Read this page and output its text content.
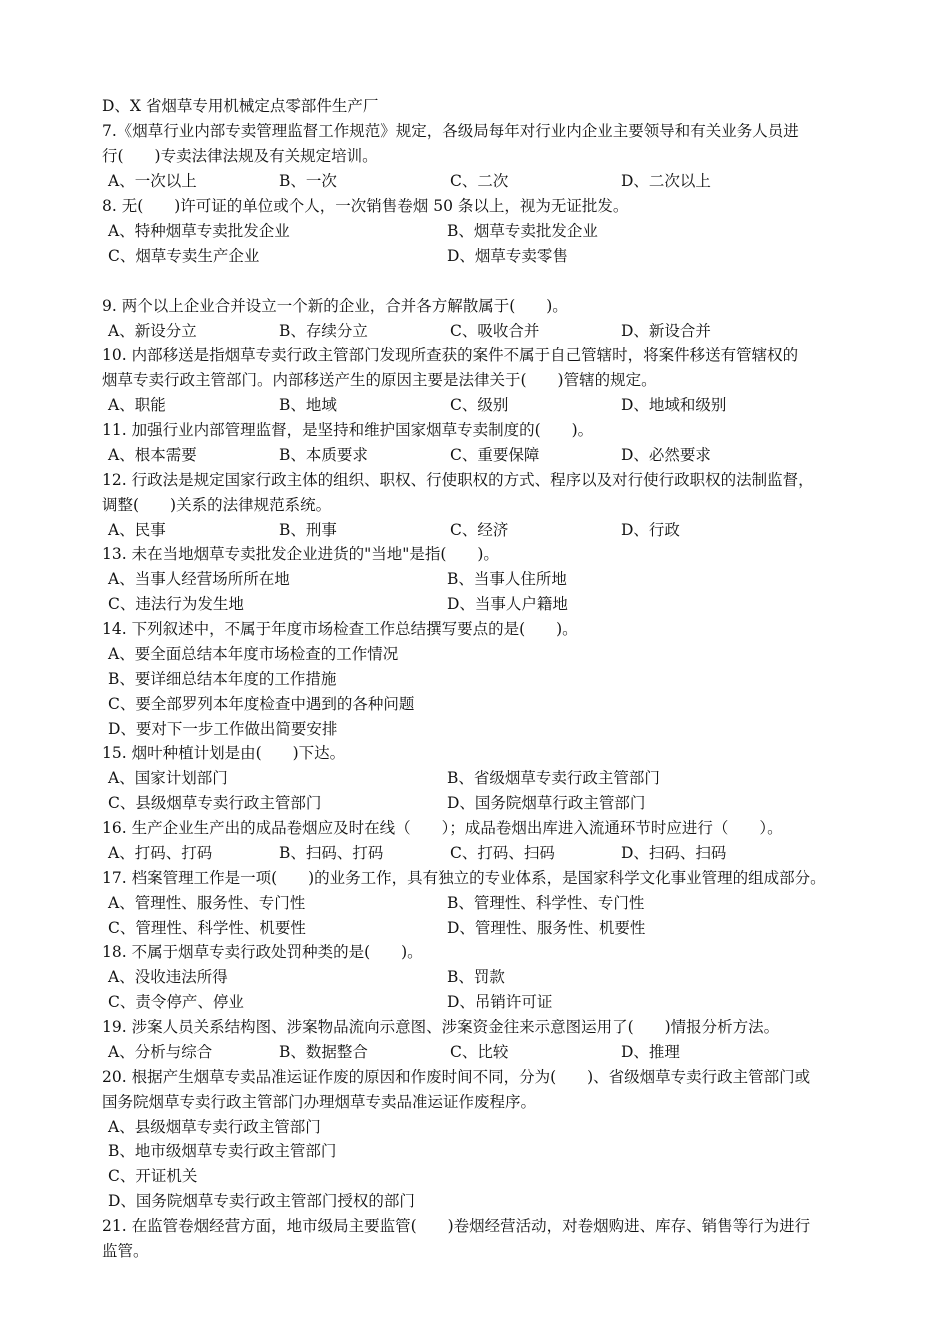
D、X 省烟草专用机械定点零部件生产厂
7.《烟草行业内部专卖管理监督工作规范》规定，各级局每年对行业内企业主要领导和有关业务人员进
行(　　)专卖法律法规及有关规定培训。
A、一次以上	B、一次	C、二次	D、二次以上
8. 无(　　)许可证的单位或个人，一次销售卷烟 50 条以上，视为无证批发。
A、特种烟草专卖批发企业	B、烟草专卖批发企业
C、烟草专卖生产企业	D、烟草专卖零售
9. 两个以上企业合并设立一个新的企业，合并各方解散属于(　　)。
A、新设分立	B、存续分立	C、吸收合并	D、新设合并
10. 内部移送是指烟草专卖行政主管部门发现所查获的案件不属于自己管辖时，将案件移送有管辖权的
烟草专卖行政主管部门。内部移送产生的原因主要是法律关于(　　)管辖的规定。
A、职能	B、地域	C、级别	D、地域和级别
11. 加强行业内部管理监督，是坚持和维护国家烟草专卖制度的(　　)。
A、根本需要	B、本质要求	C、重要保障	D、必然要求
12. 行政法是规定国家行政主体的组织、职权、行使职权的方式、程序以及对行使行政职权的法制监督，
调整(　　)关系的法律规范系统。
A、民事	B、刑事	C、经济	D、行政
13. 未在当地烟草专卖批发企业进货的"当地"是指(　　)。
A、当事人经营场所所在地	B、当事人住所地
C、违法行为发生地	D、当事人户籍地
14. 下列叙述中，不属于年度市场检查工作总结撰写要点的是(　　)。
A、要全面总结本年度市场检查的工作情况
B、要详细总结本年度的工作措施
C、要全部罗列本年度检查中遇到的各种问题
D、要对下一步工作做出简要安排
15. 烟叶种植计划是由(　　)下达。
A、国家计划部门	B、省级烟草专卖行政主管部门
C、县级烟草专卖行政主管部门	D、国务院烟草行政主管部门
16. 生产企业生产出的成品卷烟应及时在线（　　）；成品卷烟出库进入流通环节时应进行（　　）。
A、打码、打码	B、扫码、打码	C、打码、扫码	D、扫码、扫码
17. 档案管理工作是一项(　　)的业务工作，具有独立的专业体系，是国家科学文化事业管理的组成部分。
A、管理性、服务性、专门性	B、管理性、科学性、专门性
C、管理性、科学性、机要性	D、管理性、服务性、机要性
18. 不属于烟草专卖行政处罚种类的是(　　)。
A、没收违法所得	B、罚款
C、责令停产、停业	D、吊销许可证
19. 涉案人员关系结构图、涉案物品流向示意图、涉案资金往来示意图运用了(　　)情报分析方法。
A、分析与综合	B、数据整合	C、比较	D、推理
20. 根据产生烟草专卖品准运证作废的原因和作废时间不同，分为(　　)、省级烟草专卖行政主管部门或
国务院烟草专卖行政主管部门办理烟草专卖品准运证作废程序。
A、县级烟草专卖行政主管部门
B、地市级烟草专卖行政主管部门
C、开证机关
D、国务院烟草专卖行政主管部门授权的部门
21. 在监管卷烟经营方面，地市级局主要监管(　　)卷烟经营活动，对卷烟购进、库存、销售等行为进行
监管。
